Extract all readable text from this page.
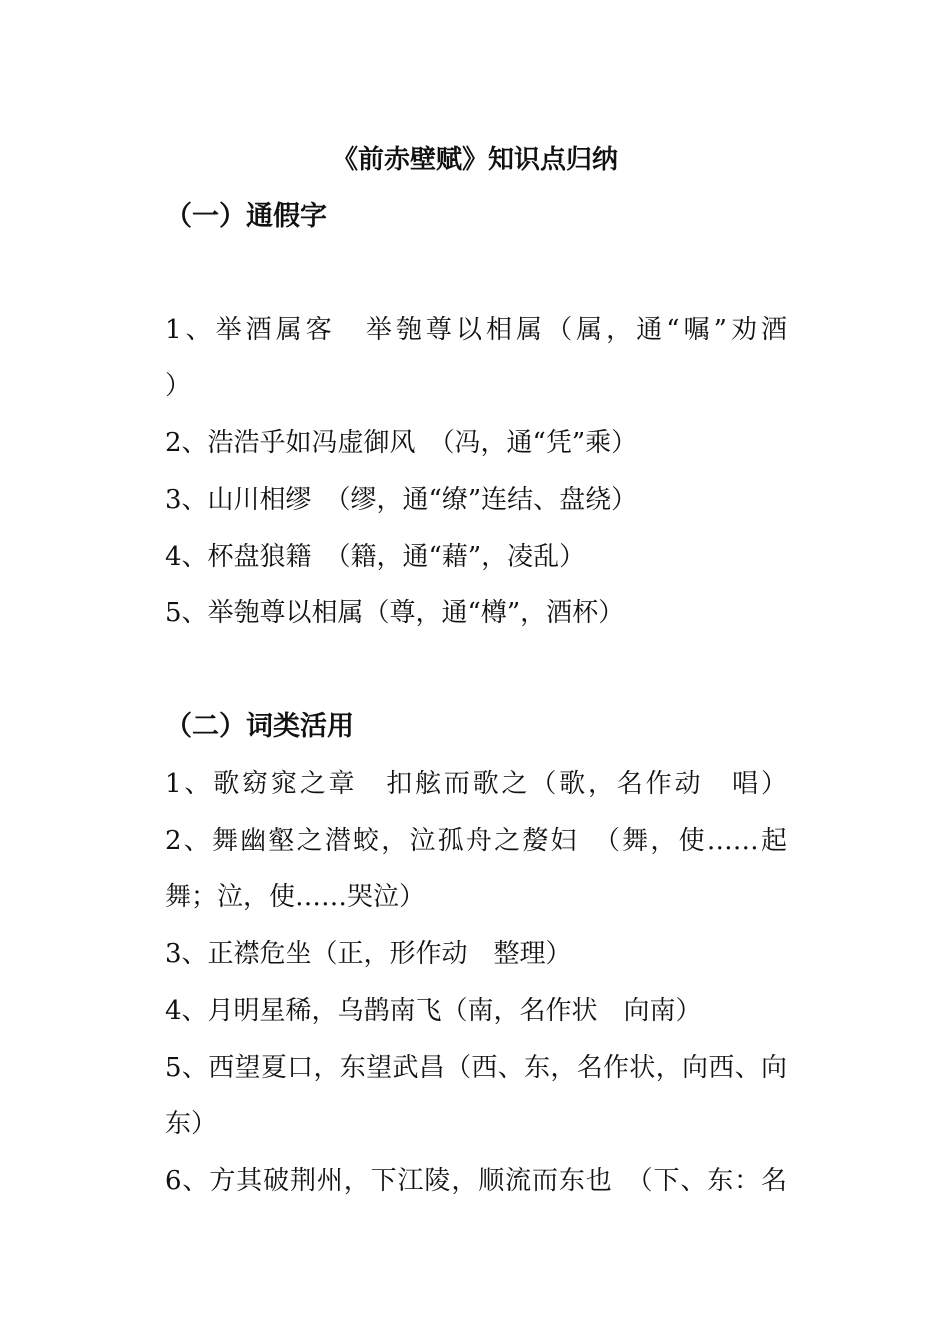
《前赤壁赋》知识点归纳
（一）通假字
1、举酒属客　举匏尊以相属（属，通“嘱”劝酒
）
2、浩浩乎如冯虚御风　（冯，通“凭”乘）
3、山川相缪　（缪，通“缭”连结、盘绕）
4、杯盘狼籍　（籍，通“藉”，凌乱）
5、举匏尊以相属（尊，通“樽”，酒杯）
（二）词类活用
1、歌窈窕之章　扣舷而歌之（歌，名作动　唱）
2、舞幽壑之潜蛟，泣孤舟之嫠妇　（舞，使……起
舞；泣，使……哭泣）
3、正襟危坐（正，形作动　整理）
4、月明星稀，乌鹊南飞（南，名作状　向南）
5、西望夏口，东望武昌（西、东，名作状，向西、向
东）
6、方其破荆州，下江陵，顺流而东也　（下、东：名
